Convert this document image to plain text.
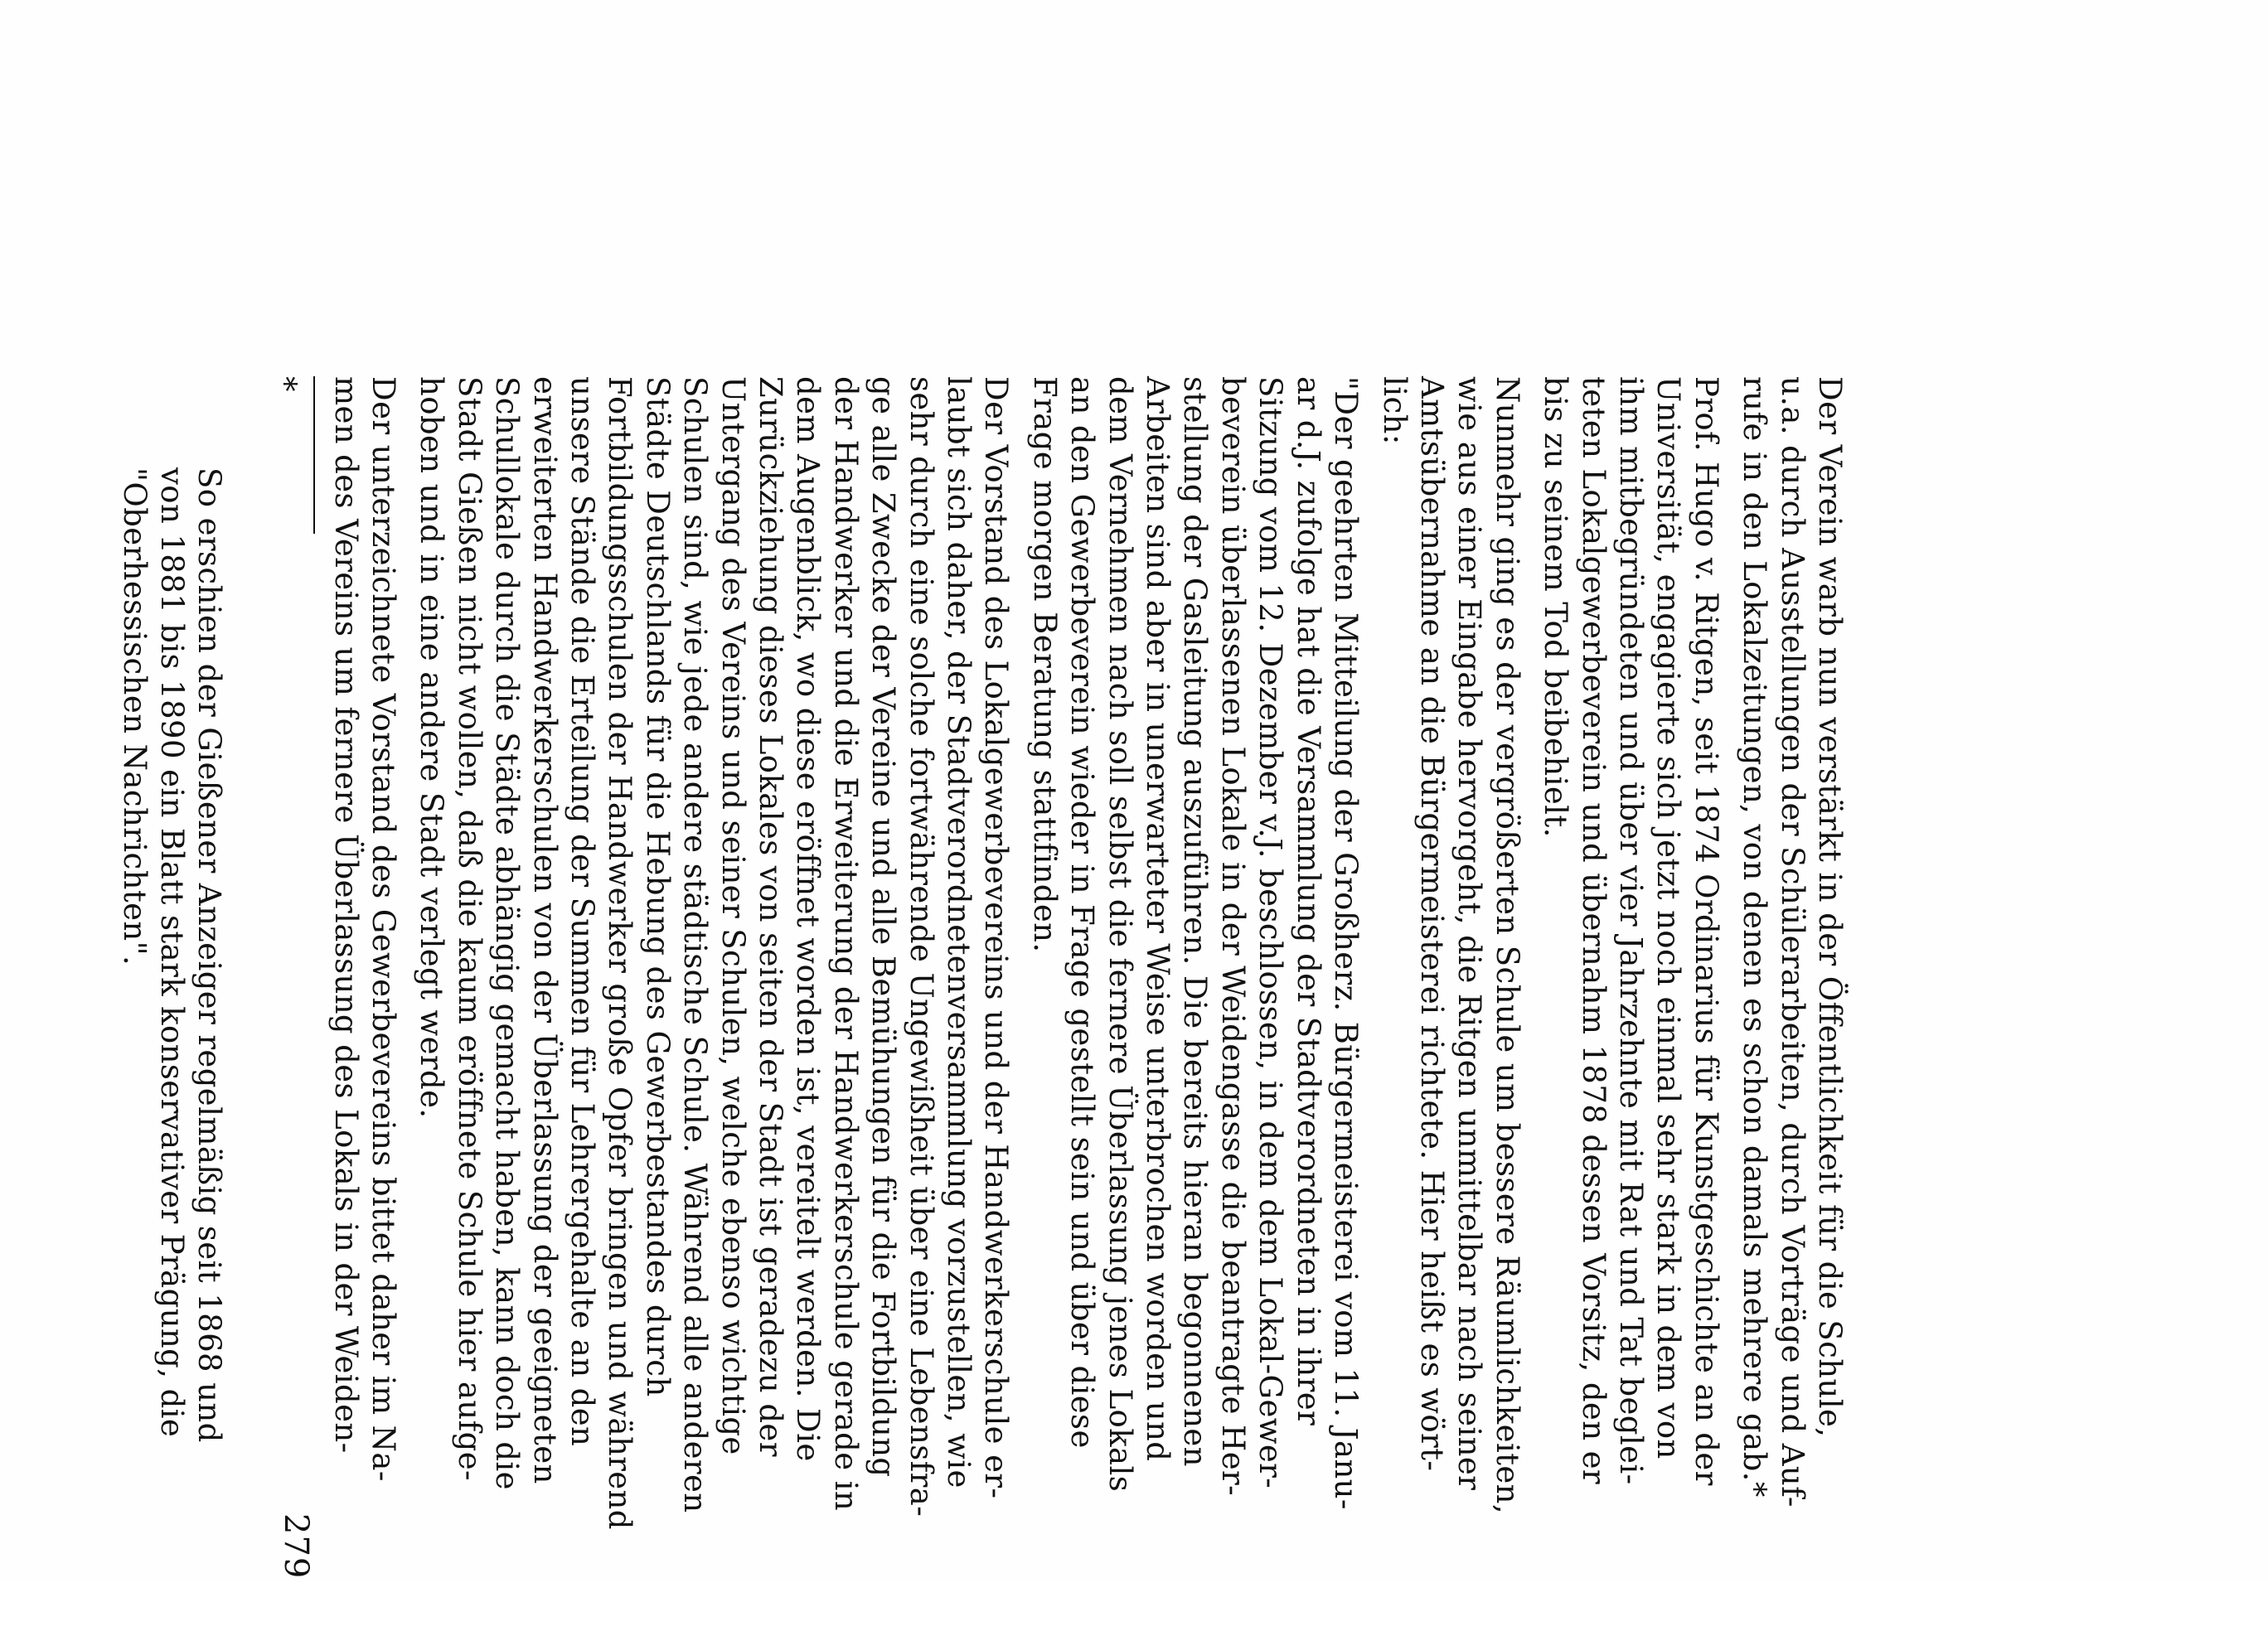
Der Verein warb nun verstärkt in der Öffentlichkeit für die Schule,
u.a. durch Ausstellungen der Schülerarbeiten, durch Vorträge und Auf-
rufe in den Lokalzeitungen, von denen es schon damals mehrere gab.*

Prof. Hugo v. Ritgen, seit 1874 Ordinarius für Kunstgeschichte an der
Universität, engagierte sich jetzt noch einmal sehr stark in dem von
ihm mitbegründeten und über vier Jahrzehnte mit Rat und Tat beglei-
teten Lokalgewerbeverein und übernahm 1878 dessen Vorsitz, den er
bis zu seinem Tod beibehielt.

Nunmehr ging es der vergrößerten Schule um bessere Räumlichkeiten,
wie aus einer Eingabe hervorgeht, die Ritgen unmittelbar nach seiner
Amtsübernahme an die Bürgermeisterei richtete. Hier heißt es wört-
lich:

"Der geehrten Mitteilung der Großherz. Bürgermeisterei vom 11. Janu-
ar d.J. zufolge hat die Versammlung der Stadtverordneten in ihrer
Sitzung vom 12. Dezember v.J. beschlossen, in dem dem Lokal-Gewer-
beverein überlassenen Lokale in der Weidengasse die beantragte Her-
stellung der Gasleitung auszuführen. Die bereits hieran begonnenen
Arbeiten sind aber in unerwarteter Weise unterbrochen worden und
dem Vernehmen nach soll selbst die fernere Überlassung jenes Lokals
an den Gewerbeverein wieder in Frage gestellt sein und über diese
Frage morgen Beratung stattfinden.

Der Vorstand des Lokalgewerbevereins und der Handwerkerschule er-
laubt sich daher, der Stadtverordnetenversammlung vorzustellen, wie
sehr durch eine solche fortwährende Ungewißheit über eine Lebensfra-
ge alle Zwecke der Vereine und alle Bemühungen für die Fortbildung
der Handwerker und die Erweiterung der Handwerkerschule gerade in
dem Augenblick, wo diese eröffnet worden ist, vereitelt werden. Die
Zurückziehung dieses Lokales von seiten der Stadt ist geradezu der
Untergang des Vereins und seiner Schulen, welche ebenso wichtige
Schulen sind, wie jede andere städtische Schule. Während alle anderen
Städte Deutschlands für die Hebung des Gewerbestandes durch
Fortbildungsschulen der Handwerker große Opfer bringen und während
unsere Stände die Erteilung der Summen für Lehrergehalte an den
erweiterten Handwerkerschulen von der Überlassung der geeigneten
Schullokale durch die Städte abhängig gemacht haben, kann doch die
Stadt Gießen nicht wollen, daß die kaum eröffnete Schule hier aufge-
hoben und in eine andere Stadt verlegt werde.

Der unterzeichnete Vorstand des Gewerbevereins bittet daher im Na-
men des Vereins um fernere Überlassung des Lokals in der Weiden-

*

So erschien der Gießener Anzeiger regelmäßig seit 1868 und
von 1881 bis 1890 ein Blatt stark konservativer Prägung, die
"Oberhessischen Nachrichten".

279
